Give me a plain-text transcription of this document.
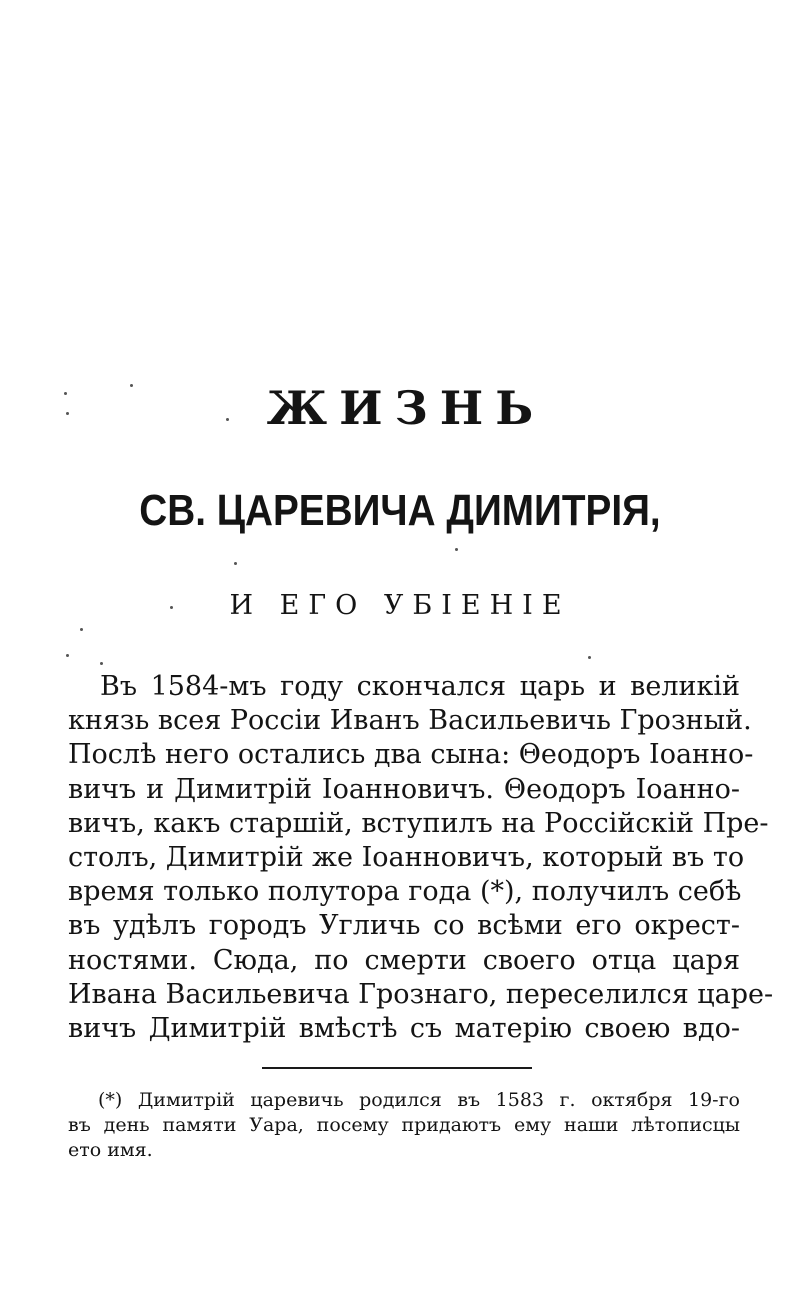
ЖИЗНЬ
СВ. ЦАРЕВИЧА ДИМИТРІЯ,
И ЕГО УБІЕНІЕ
Въ 1584-мъ году скончался царь и великій
князь всея Россіи Иванъ Васильевичь Грозный.
Послѣ него остались два сына: Θеодоръ Іоанно-
вичъ и Димитрій Іоанновичъ. Θеодоръ Іоанно-
вичъ, какъ старшій, вступилъ на Россійскій Пре-
столъ, Димитрій же Іоанновичъ, который въ то
время только полутора года (*), получилъ себѣ
въ удѣлъ городъ Угличь со всѣми его окрест-
ностями. Сюда, по смерти своего отца царя
Ивана Васильевича Грознаго, переселился царе-
вичъ Димитрій вмѣстѣ съ матерію своею вдо-
(*) Димитрій царевичь родился въ 1583 г. октября 19-го
въ день памяти Уара, посему придаютъ ему наши лѣтописцы
ето имя.
